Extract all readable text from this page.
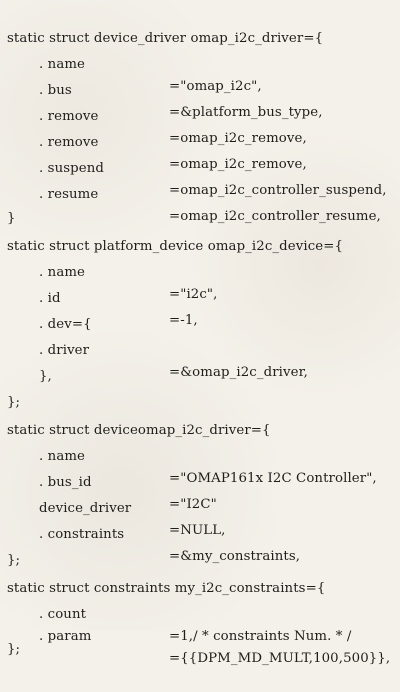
static struct device_driver omap_i2c_driver={

. name

="omap_i2c",

. bus

=&platform_bus_type,

. remove

=omap_i2c_remove,

. remove

=omap_i2c_remove,

. suspend

=omap_i2c_controller_suspend,

. resume

=omap_i2c_controller_resume,

}

static struct platform_device omap_i2c_device={

. name

="i2c",

. id

=-1,

. dev={

. driver

=&omap_i2c_driver,

},

};

static struct deviceomap_i2c_driver={

. name

="OMAP161x I2C Controller",

. bus_id

="I2C"

device_driver

=NULL,

. constraints

=&my_constraints,

};

static struct constraints my_i2c_constraints={

. count

=1,/ * constraints Num. * /

. param

={{DPM_MD_MULT,100,500}},

};
